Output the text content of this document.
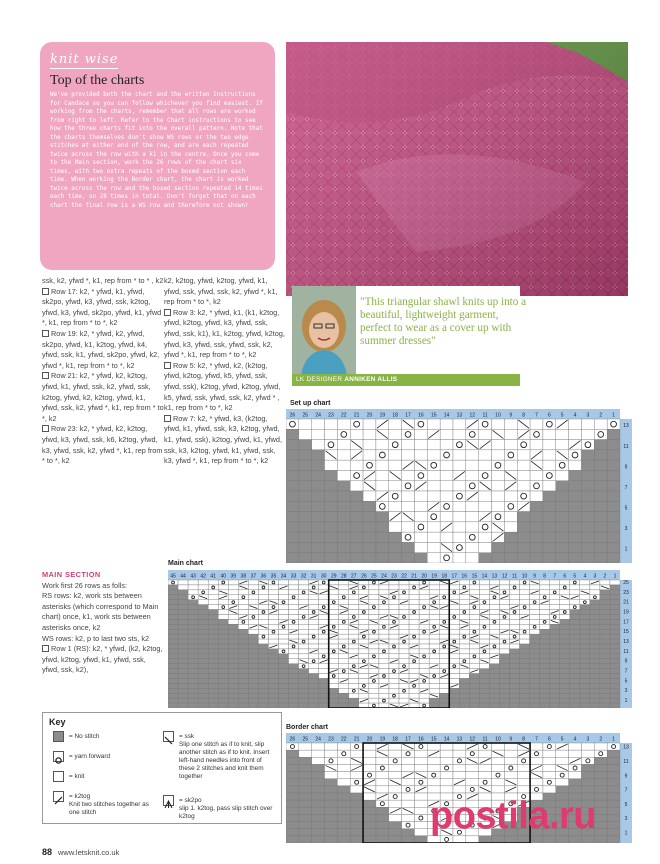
knit wise
Top of the charts

We've provided both the chart and the written instructions for Candace so you can follow whichever you find easiest. If working from the charts, remember that all rows are worked from right to left. Refer to the Chart instructions to see how the three charts fit into the overall pattern. Note that the charts themselves don't show WS rows or the two edge stitches at either end of the row, and are each repeated twice across the row with a k1 in the centre. Once you come to the Main section, work the 26 rows of the chart six times, with two extra repeats of the boxed section each time. When working the Border chart, the chart is worked twice across the row and the boxed section repeated 14 times each time, so 28 times in total. Don't forget that on each chart the final row is a WS row and therefore not shown!

"This triangular shawl knits up into a beautiful, lightweight garment, perfect to wear as a cover up with summer dresses"
LK DESIGNER ANNIKEN ALLIS
ssk, k2, yfwd *, k1, rep from * to * , k2
Row 17: k2, * yfwd, k1, yfwd, sk2po, yfwd, k3, yfwd, ssk, k2tog, yfwd, k3, yfwd, sk2po, yfwd, k1, yfwd *, k1, rep from * to *, k2
Row 19: k2, * yfwd, k2, yfwd, sk2po, yfwd, k1, k2tog, yfwd, k4, yfwd, ssk, k1, yfwd, sk2po, yfwd, k2, yfwd *, k1, rep from * to *, k2
Row 21: k2, * yfwd, k2, k2tog, yfwd, k1, yfwd, ssk, k2, yfwd, ssk, k2tog, yfwd, k2, k2tog, yfwd, k1, yfwd, ssk, k2, yfwd *, k1, rep from * to *, k2
Row 23: k2, * yfwd, k2, k2tog, yfwd, k3, yfwd, ssk, k6, k2tog, yfwd, k3, yfwd, ssk, k2, yfwd *, k1, rep from * to *, k2
k2, k2tog, yfwd, k2tog, yfwd, k1, yfwd, ssk, yfwd, ssk, k2, yfwd *, k1, rep from * to *, k2
Row 3: k2, * yfwd, k1, (k1, k2tog, yfwd, k2tog, yfwd, k3, yfwd, ssk, yfwd, ssk, k1), k1, k2tog, yfwd, k2tog, yfwd, k3, yfwd, ssk, yfwd, ssk, k2, yfwd *, k1, rep from * to *, k2
Row 5: k2, * yfwd, k2, (k2tog, yfwd, k2tog, yfwd, k5, yfwd, ssk, yfwd, ssk), k2tog, yfwd, k2tog, yfwd, k5, yfwd, ssk, yfwd, ssk, k2, yfwd * , k1, rep from * to *, k2
Row 7: k2, * yfwd, k3, (k2tog, yfwd, k1, yfwd, ssk, k3, k2tog, yfwd, k1, yfwd, ssk), k2tog, yfwd, k1, yfwd, ssk, k3, k2tog, yfwd, k1, yfwd, ssk, k3, yfwd *, k1, rep from * to *, k2
MAIN SECTION
Work first 26 rows as folls:
RS rows: k2, work sts between asterisks (which correspond to Main chart) once, k1, work sts between asterisks once, k2
WS rows: k2, p to last two sts, k2
Row 1 (RS): k2, * yfwd, (k2, k2tog, yfwd, k2tog, yfwd, k1, yfwd, ssk, yfwd, ssk, k2),
Set up chart
Main chart
Border chart
26 25 24 23 22 21 20 19 18 17 16 15 14 13 12 11 10 9 8 7 6 5 4 3 2 1
13
11
9
7
5
3
1
45 44 43 42 41 40 39 38 37 36 35 34 33 32 31 30 29 28 27 26 25 24 23 22 21 20 19 18 17 16 15 14 13 12 11 10 9 8 7 6 5 4 3 2 1
25
23
21
19
17
15
13
11
9
7
5
3
1
26 25 24 23 22 21 20 19 18 17 16 15 14 13 12 11 10 9 8 7 6 5 4 3 2 1
13
11
9
7
5
3
1
Key
= No stitch
= yarn forward
= knit
= k2tog
Knit two stitches together as one stitch
= ssk
Slip one stitch as if to knit, slip another stitch as if to knit. Insert left-hand needles into front of these 2 stitches and knit them together
= sk2po
slip 1. k2tog, pass slip stitch over k2tog
88 www.letsknit.co.uk
postila.ru
